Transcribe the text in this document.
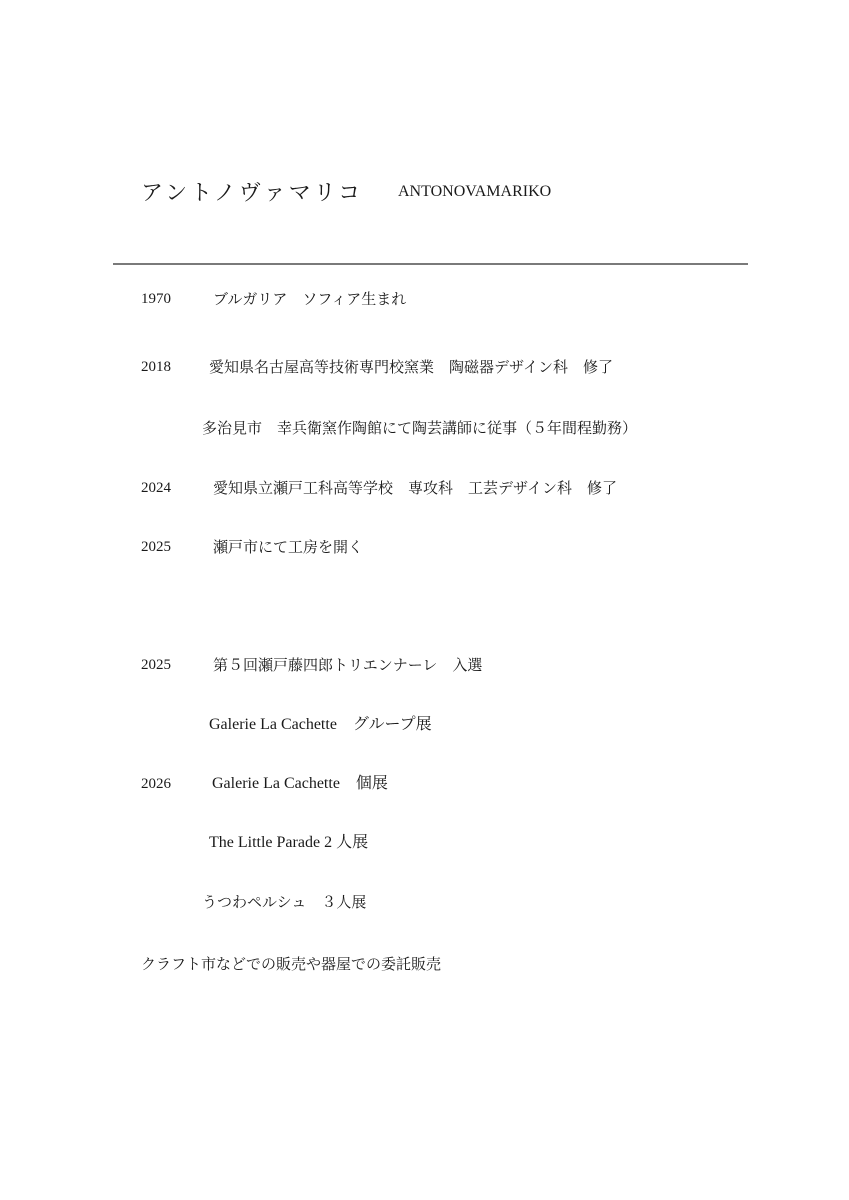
アントノヴァマリコ ANTONOVAMARIKO
1970	ブルガリア　ソフィア生まれ
2018	愛知県名古屋高等技術専門校窯業　陶磁器デザイン科　修了
多治見市　幸兵衛窯作陶館にて陶芸講師に従事（５年間程勤務）
2024	愛知県立瀬戸工科高等学校　専攻科　工芸デザイン科　修了
2025	瀬戸市にて工房を開く
2025	第５回瀬戸藤四郎トリエンナーレ　入選
Galerie La Cachette　グループ展
2026	Galerie La Cachette　個展
The Little Parade 2 人展
うつわペルシュ　３人展
クラフト市などでの販売や器屋での委託販売
